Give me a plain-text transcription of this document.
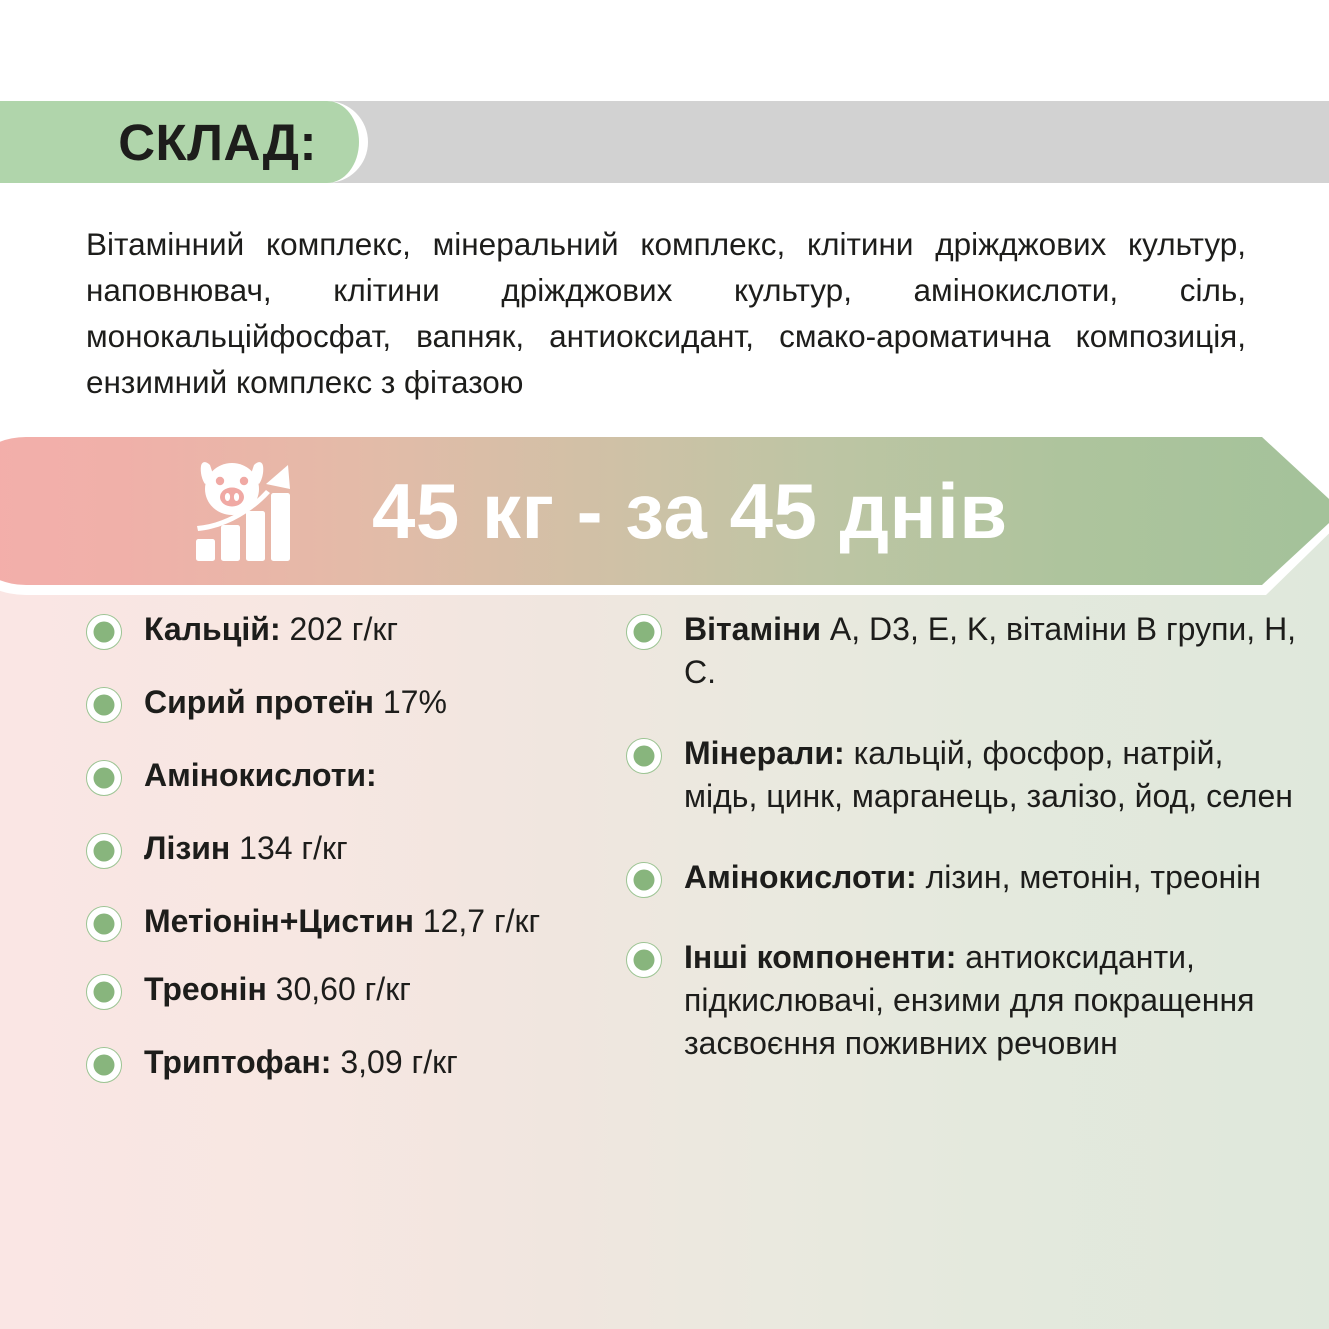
СКЛАД:

Вітамінний комплекс, мінеральний комплекс, клітини дріжджових культур, наповнювач, клітини дріжджових культур, амінокислоти, сіль, монокальційфосфат, вапняк, антиоксидант, смако-ароматична композиція, ензимний комплекс з фітазою

45 кг - за 45 днів
Кальцій: 202 г/кг
Сирий протеїн 17%
Амінокислоти:
Лізин 134 г/кг
Метіонін+Цистин 12,7 г/кг
Треонін 30,60 г/кг
Триптофан: 3,09 г/кг
Вітаміни A, D3, E, K, вітаміни B групи, H, C.
Мінерали: кальцій, фосфор, натрій, мідь, цинк, марганець, залізо, йод, селен
Амінокислоти: лізин, метонін, треонін
Інші компоненти: антиоксиданти, підкислювачі, ензими для покращення засвоєння поживних речовин
